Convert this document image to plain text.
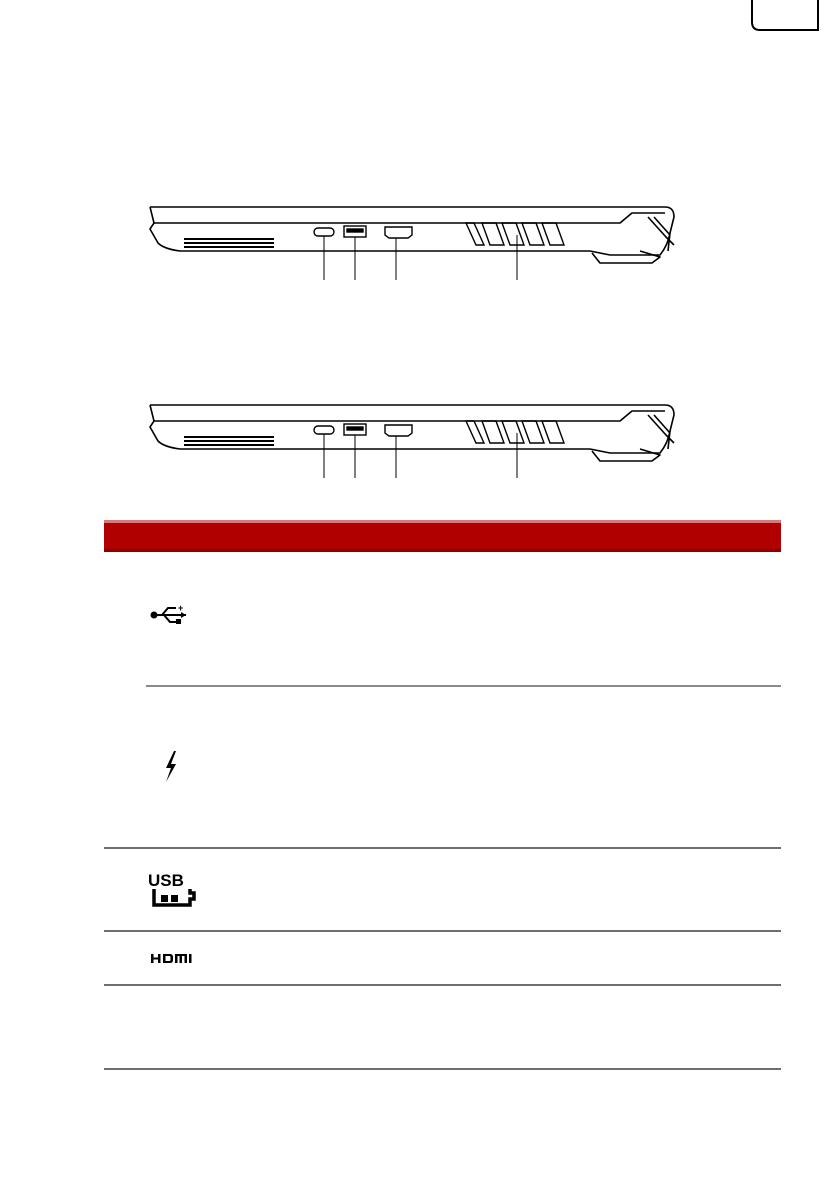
+
USB
